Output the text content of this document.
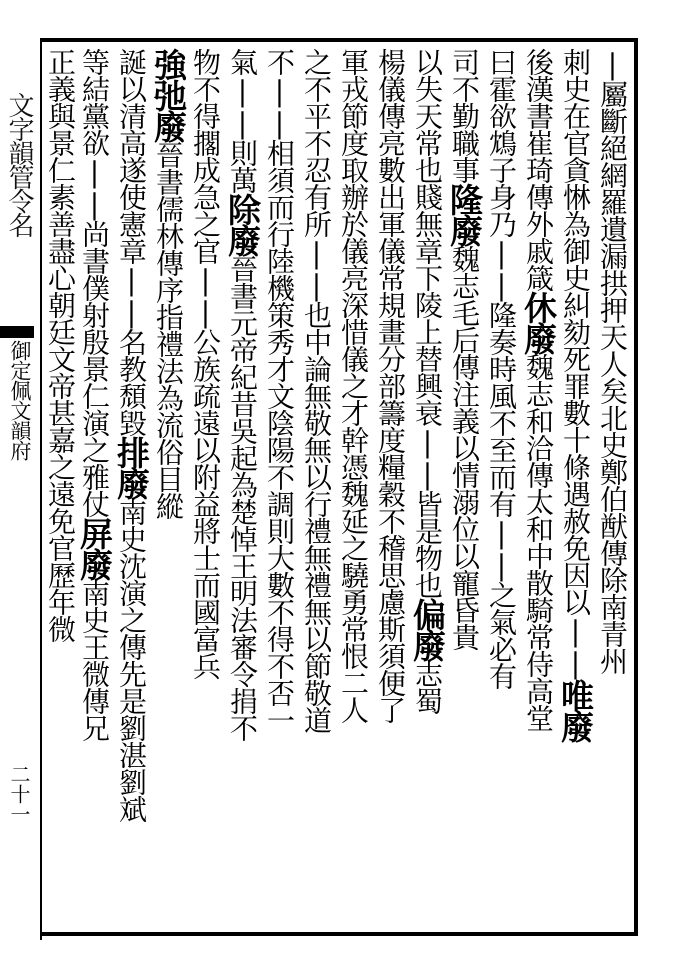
文字韻管令名
御定佩文韻府
二十一
|屬斷絕網羅遺漏拱押天人矣北史鄭伯猷傳除南青州
刺史在官貪惏為御史糾劾死罪數十條遇赦免因以||唯廢
後漢書崔琦傳外戚箴休廢魏志和洽傳太和中散騎常侍高堂
曰霍欲鴆子身乃||隆奏時風不至而有||之氣必有
司不勤職事隆廢魏志毛后傳注義以情溺位以寵昏貴
以失天常也賤無章下陵上替興衰||皆是物也偏廢志蜀
楊儀傳亮數出軍儀常規畫分部籌度糧穀不稽思慮斯須便了
軍戎節度取辦於儀亮深惜儀之才幹憑魏延之驍勇常恨二人
之不平不忍有所||也中論無敬無以行禮無禮無以節敬道
不||相須而行陸機策秀才文陰陽不調則大數不得不否一
氣||則萬除廢晉書元帝紀昔吳起為楚悼王明法審令捐不
物不得擱成急之官||公族疏遠以附益將士而國富兵
強弛廢晉書儒林傳序指禮法為流俗目縱
誕以清高遂使憲章||名教頹毀排廢南史沈演之傳先是劉湛劉斌
等結黨欲||尚書僕射殷景仁演之雅仗屏廢南史王微傳兄
正義與景仁素善盡心朝廷文帝甚嘉之遠免官歷年微
